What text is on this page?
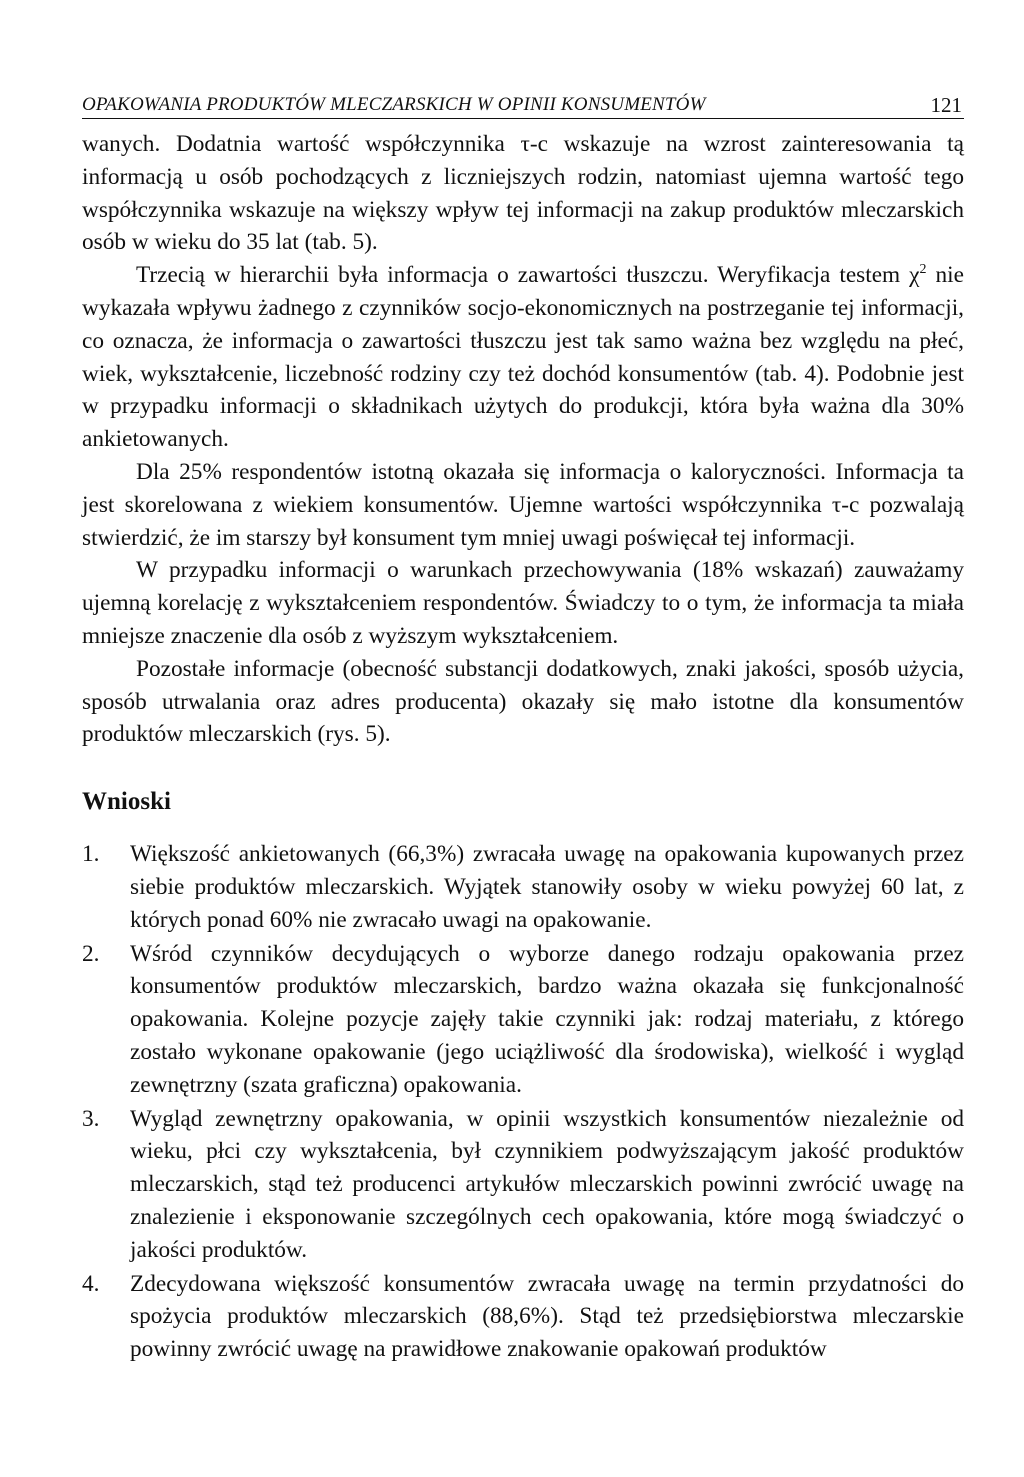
OPAKOWANIA PRODUKTÓW MLECZARSKICH W OPINII KONSUMENTÓW	121

wanych. Dodatnia wartość współczynnika τ-c wskazuje na wzrost zainteresowania tą informacją u osób pochodzących z liczniejszych rodzin, natomiast ujemna wartość tego współczynnika wskazuje na większy wpływ tej informacji na zakup produktów mleczarskich osób w wieku do 35 lat (tab. 5).

Trzecią w hierarchii była informacja o zawartości tłuszczu. Weryfikacja testem $\chi^2$ nie wykazała wpływu żadnego z czynników socjo-ekonomicznych na postrzeganie tej informacji, co oznacza, że informacja o zawartości tłuszczu jest tak samo ważna bez względu na płeć, wiek, wykształcenie, liczebność rodziny czy też dochód konsumentów (tab. 4). Podobnie jest w przypadku informacji o składnikach użytych do produkcji, która była ważna dla 30% ankietowanych.

Dla 25% respondentów istotną okazała się informacja o kaloryczności. Informacja ta jest skorelowana z wiekiem konsumentów. Ujemne wartości współczynnika τ-c pozwalają stwierdzić, że im starszy był konsument tym mniej uwagi poświęcał tej informacji.

W przypadku informacji o warunkach przechowywania (18% wskazań) zauważamy ujemną korelację z wykształceniem respondentów. Świadczy to o tym, że informacja ta miała mniejsze znaczenie dla osób z wyższym wykształceniem.

Pozostałe informacje (obecność substancji dodatkowych, znaki jakości, sposób użycia, sposób utrwalania oraz adres producenta) okazały się mało istotne dla konsumentów produktów mleczarskich (rys. 5).

Wnioski
1. Większość ankietowanych (66,3%) zwracała uwagę na opakowania kupowanych przez siebie produktów mleczarskich. Wyjątek stanowiły osoby w wieku powyżej 60 lat, z których ponad 60% nie zwracało uwagi na opakowanie.
2. Wśród czynników decydujących o wyborze danego rodzaju opakowania przez konsumentów produktów mleczarskich, bardzo ważna okazała się funkcjonalność opakowania. Kolejne pozycje zajęły takie czynniki jak: rodzaj materiału, z którego zostało wykonane opakowanie (jego uciążliwość dla środowiska), wielkość i wygląd zewnętrzny (szata graficzna) opakowania.
3. Wygląd zewnętrzny opakowania, w opinii wszystkich konsumentów niezależnie od wieku, płci czy wykształcenia, był czynnikiem podwyższającym jakość produktów mleczarskich, stąd też producenci artykułów mleczarskich powinni zwrócić uwagę na znalezienie i eksponowanie szczególnych cech opakowania, które mogą świadczyć o jakości produktów.
4. Zdecydowana większość konsumentów zwracała uwagę na termin przydatności do spożycia produktów mleczarskich (88,6%). Stąd też przedsiębiorstwa mleczarskie powinny zwrócić uwagę na prawidłowe znakowanie opakowań produktów
